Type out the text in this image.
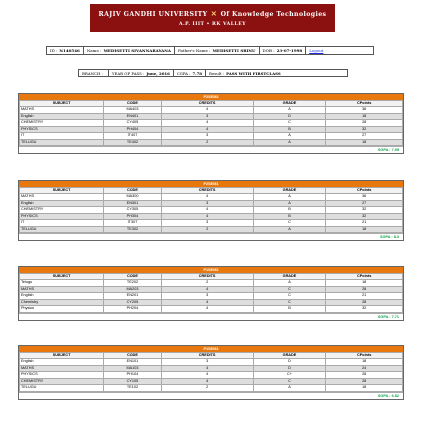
RAJIV GANDHI UNIVERSITY ✕ Of Knowledge Technologies
A.P. IIIT • RK VALLEY
ID : N140546 Name : MEDISETTI SIVANNARAYANA Father's Name : MEDISETTI SRINU DOB : 23-07-1998 Logout
BRANCH : YEAR OF PASS : June, 2016 CGPA : 7.78 Result : PASS WITH FIRSTCLASS
P2SEM2
SUBJECT	CODE	CREDITS	GRADE	CPoints
MATHS	MA403	4	A	36
English	EN401	3	D	18
CHEMISTRY	CY405	4	C	28
PHYSICS	PH404	4	B	32
IT	IT407	3	A	27
TELUGU	TE402	2	A	18
SGPA : 7.95
P2SEM1
SUBJECT	CODE	CREDITS	GRADE	CPoints
MATHS	MA300	4	A	36
English	EN301	3	A	27
CHEMISTRY	CY305	4	B	32
PHYSICS	PH304	4	B	32
IT	IT307	3	C	21
TELUGU	TE302	2	A	18
SGPA : 8.3
P1SEM2
SUBJECT	CODE	CREDITS	GRADE	CPoints
Telugu	TE202	2	A	18
MATHS	MA203	4	C	28
English	EN201	3	C	21
Chemistry	CY205	4	C	28
Physics	PH204	4	B	32
SGPA : 7.71
P1SEM1
SUBJECT	CODE	CREDITS	GRADE	CPoints
English	EN101	3	D	18
MATHS	MA103	4	D	24
PHYSICS	PH104	4	C+	28
CHEMISTRY	CY105	4	C	28
TELUGU	TE102	2	A	18
SGPA : 6.82
